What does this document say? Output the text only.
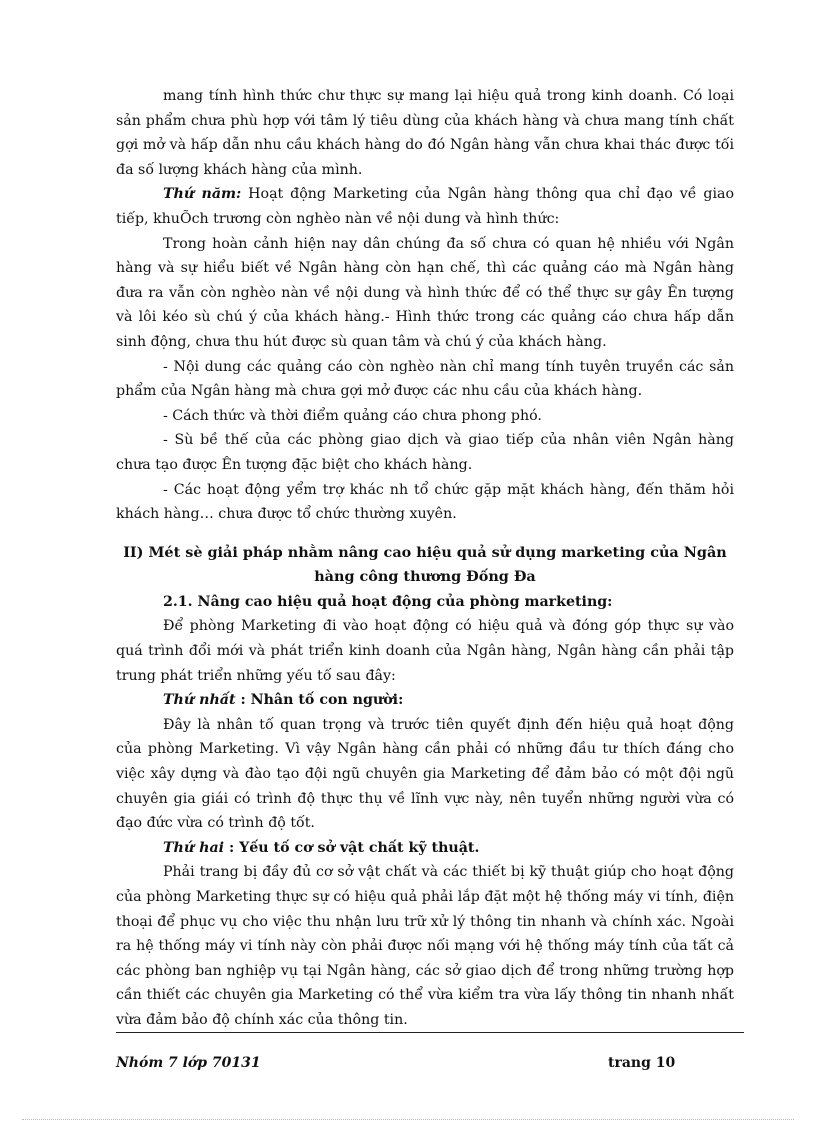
mang tính hình thức chư thực sự mang lại hiệu quả trong kinh doanh. Có loại sản phẩm chưa phù hợp với tâm lý tiêu dùng của khách hàng và chưa mang tính chất gợi mở và hấp dẫn nhu cầu khách hàng do đó Ngân hàng vẫn chưa khai thác được tối đa số lượng khách hàng của mình.

Thứ năm: Hoạt động Marketing của Ngân hàng thông qua chỉ đạo về giao tiếp, khuÕch trương còn nghèo nàn về nội dung và hình thức:

Trong hoàn cảnh hiện nay dân chúng đa số chưa có quan hệ nhiều với Ngân hàng và sự hiểu biết về Ngân hàng còn hạn chế, thì các quảng cáo mà Ngân hàng đưa ra vẫn còn nghèo nàn về nội dung và hình thức để có thể thực sự gây Ên tượng và lôi kéo sù chú ý của khách hàng.- Hình thức trong các quảng cáo chưa hấp dẫn sinh động, chưa thu hút được sù quan tâm và chú ý của khách hàng.

- Nội dung các quảng cáo còn nghèo nàn chỉ mang tính tuyên truyền các sản phẩm của Ngân hàng mà chưa gợi mở được các nhu cầu của khách hàng.

- Cách thức và thời điểm quảng cáo chưa phong phó.

- Sù bề thế của các phòng giao dịch và giao tiếp của nhân viên Ngân hàng chưa tạo được Ên tượng đặc biệt cho khách hàng.

- Các hoạt động yểm trợ khác nh tổ chức gặp mặt khách hàng, đến thăm hỏi khách hàng… chưa được tổ chức thường xuyên.

II) Mét sè giải pháp nhằm nâng cao hiệu quả sử dụng marketing của Ngân hàng công thương Đống Đa

2.1. Nâng cao hiệu quả hoạt động của phòng marketing:

Để phòng Marketing đi vào hoạt động có hiệu quả và đóng góp thực sự vào quá trình đổi mới và phát triển kinh doanh của Ngân hàng, Ngân hàng cần phải tập trung phát triển những yếu tố sau đây:

Thứ nhất : Nhân tố con người:

Đây là nhân tố quan trọng và trước tiên quyết định đến hiệu quả hoạt động của phòng Marketing. Vì vậy Ngân hàng cần phải có những đầu tư thích đáng cho việc xây dựng và đào tạo đội ngũ chuyên gia Marketing để đảm bảo có một đội ngũ chuyên gia giái có trình độ thực thụ về lĩnh vực này, nên tuyển những người vừa có đạo đức vừa có trình độ tốt.

Thứ hai : Yếu tố cơ sở vật chất kỹ thuật.

Phải trang bị đầy đủ cơ sở vật chất và các thiết bị kỹ thuật giúp cho hoạt động của phòng Marketing thực sự có hiệu quả phải lắp đặt một hệ thống máy vi tính, điện thoại để phục vụ cho việc thu nhận lưu trữ xử lý thông tin nhanh và chính xác. Ngoài ra hệ thống máy vi tính này còn phải được nối mạng với hệ thống máy tính của tất cả các phòng ban nghiệp vụ tại Ngân hàng, các sở giao dịch để trong những trường hợp cần thiết các chuyên gia Marketing có thể vừa kiểm tra vừa lấy thông tin nhanh nhất vừa đảm bảo độ chính xác của thông tin.

Nhóm 7 lớp 70131	trang 10
